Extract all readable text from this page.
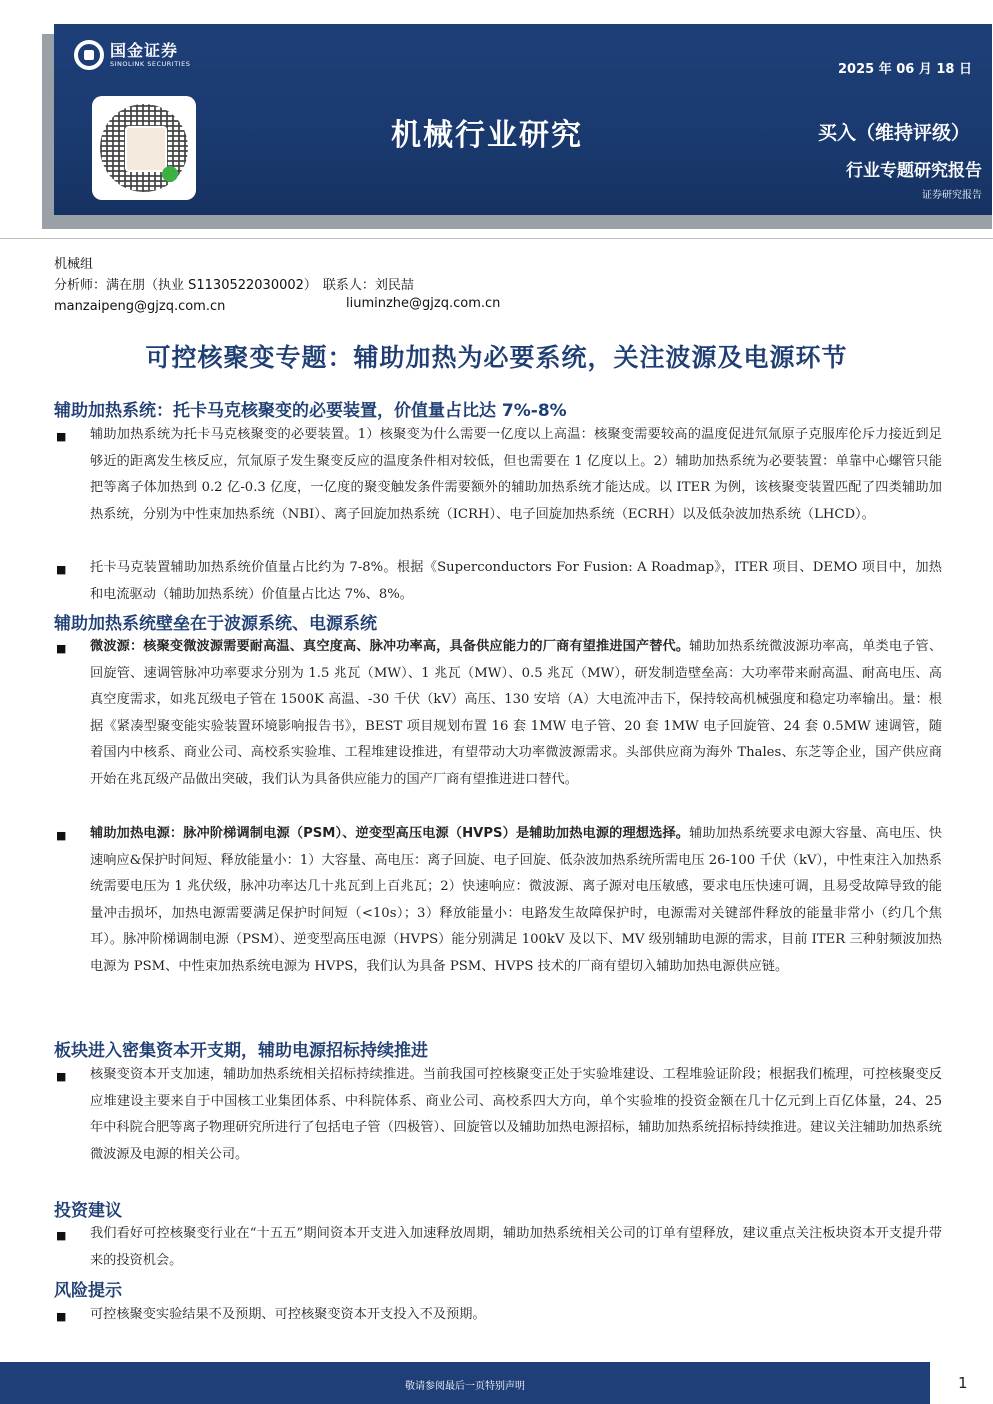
国金证券
SINOLINK SECURITIES	2025 年 06 月 18 日
机械行业研究	买入（维持评级）
行业专题研究报告
证券研究报告
机械组
分析师：满在朋（执业 S1130522030002） 联系人：刘民喆
manzaipeng@gjzq.com.cn	liuminzhe@gjzq.com.cn
可控核聚变专题：辅助加热为必要系统，关注波源及电源环节
辅助加热系统：托卡马克核聚变的必要装置，价值量占比达 7%-8%
■ 辅助加热系统为托卡马克核聚变的必要装置。1）核聚变为什么需要一亿度以上高温：核聚变需要较高的温度促进氘氚原子克服库伦斥力接近到足够近的距离发生核反应，氘氚原子发生聚变反应的温度条件相对较低，但也需要在 1 亿度以上。2）辅助加热系统为必要装置：单靠中心螺管只能把等离子体加热到 0.2 亿-0.3 亿度，一亿度的聚变触发条件需要额外的辅助加热系统才能达成。以 ITER 为例，该核聚变装置匹配了四类辅助加热系统，分别为中性束加热系统（NBI）、离子回旋加热系统（ICRH）、电子回旋加热系统（ECRH）以及低杂波加热系统（LHCD）。
■ 托卡马克装置辅助加热系统价值量占比约为 7-8%。根据《Superconductors For Fusion: A Roadmap》，ITER 项目、DEMO 项目中，加热和电流驱动（辅助加热系统）价值量占比达 7%、8%。
辅助加热系统壁垒在于波源系统、电源系统
■ 微波源：核聚变微波源需要耐高温、真空度高、脉冲功率高，具备供应能力的厂商有望推进国产替代。辅助加热系统微波源功率高，单类电子管、回旋管、速调管脉冲功率要求分别为 1.5 兆瓦（MW）、1 兆瓦（MW）、0.5 兆瓦（MW），研发制造壁垒高：大功率带来耐高温、耐高电压、高真空度需求，如兆瓦级电子管在 1500K 高温、-30 千伏（kV）高压、130 安培（A）大电流冲击下，保持较高机械强度和稳定功率输出。量：根据《紧凑型聚变能实验装置环境影响报告书》，BEST 项目规划布置 16 套 1MW 电子管、20 套 1MW 电子回旋管、24 套 0.5MW 速调管，随着国内中核系、商业公司、高校系实验堆、工程堆建设推进，有望带动大功率微波源需求。头部供应商为海外 Thales、东芝等企业，国产供应商开始在兆瓦级产品做出突破，我们认为具备供应能力的国产厂商有望推进进口替代。
■ 辅助加热电源：脉冲阶梯调制电源（PSM）、逆变型高压电源（HVPS）是辅助加热电源的理想选择。辅助加热系统要求电源大容量、高电压、快速响应&保护时间短、释放能量小：1）大容量、高电压：离子回旋、电子回旋、低杂波加热系统所需电压 26-100 千伏（kV），中性束注入加热系统需要电压为 1 兆伏级，脉冲功率达几十兆瓦到上百兆瓦；2）快速响应：微波源、离子源对电压敏感，要求电压快速可调，且易受故障导致的能量冲击损坏，加热电源需要满足保护时间短（<10s）；3）释放能量小：电路发生故障保护时，电源需对关键部件释放的能量非常小（约几个焦耳）。脉冲阶梯调制电源（PSM）、逆变型高压电源（HVPS）能分别满足 100kV 及以下、MV 级别辅助电源的需求，目前 ITER 三种射频波加热电源为 PSM、中性束加热系统电源为 HVPS，我们认为具备 PSM、HVPS 技术的厂商有望切入辅助加热电源供应链。
板块进入密集资本开支期，辅助电源招标持续推进
■ 核聚变资本开支加速，辅助加热系统相关招标持续推进。当前我国可控核聚变正处于实验堆建设、工程堆验证阶段；根据我们梳理，可控核聚变反应堆建设主要来自于中国核工业集团体系、中科院体系、商业公司、高校系四大方向，单个实验堆的投资金额在几十亿元到上百亿体量，24、25 年中科院合肥等离子物理研究所进行了包括电子管（四极管）、回旋管以及辅助加热电源招标，辅助加热系统招标持续推进。建议关注辅助加热系统微波源及电源的相关公司。
投资建议
■ 我们看好可控核聚变行业在“十五五”期间资本开支进入加速释放周期，辅助加热系统相关公司的订单有望释放，建议重点关注板块资本开支提升带来的投资机会。
风险提示
■ 可控核聚变实验结果不及预期、可控核聚变资本开支投入不及预期。
敬请参阅最后一页特别声明	1
